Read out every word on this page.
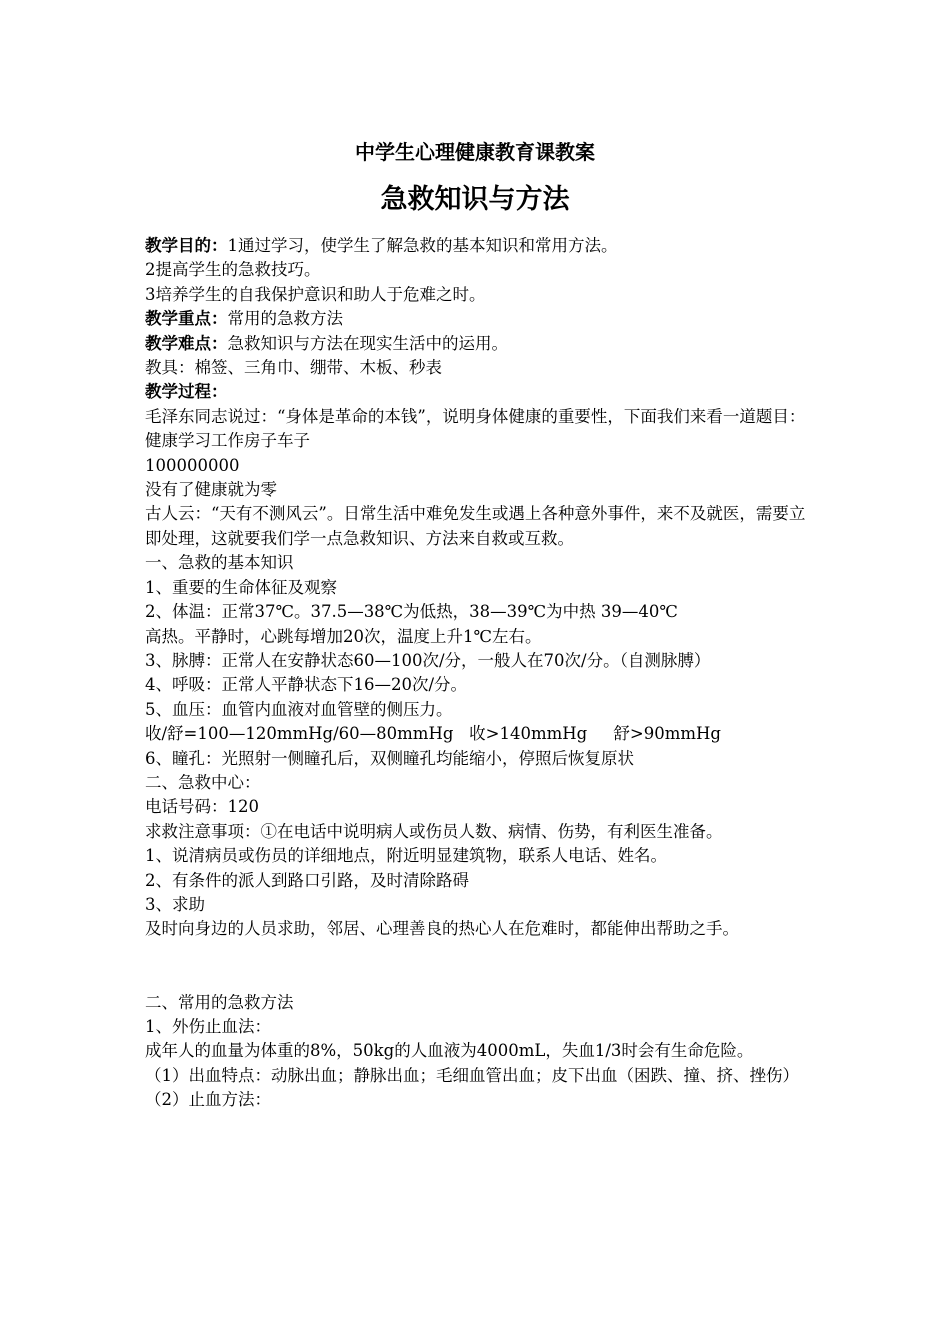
中学生心理健康教育课教案
急救知识与方法
教学目的：1通过学习，使学生了解急救的基本知识和常用方法。
2提高学生的急救技巧。
3培养学生的自我保护意识和助人于危难之时。
教学重点：常用的急救方法
教学难点：急救知识与方法在现实生活中的运用。
教具：棉签、三角巾、绷带、木板、秒表
教学过程：
毛泽东同志说过：“身体是革命的本钱”，说明身体健康的重要性，下面我们来看一道题目：
健康学习工作房子车子
100000000
没有了健康就为零
古人云：“天有不测风云”。日常生活中难免发生或遇上各种意外事件，来不及就医，需要立即处理，这就要我们学一点急救知识、方法来自救或互救。
一、急救的基本知识
1、重要的生命体征及观察
2、体温：正常37℃。37.5—38℃为低热，38—39℃为中热 39—40℃
高热。平静时，心跳每增加20次，温度上升1℃左右。
3、脉膊：正常人在安静状态60—100次/分，一般人在70次/分。（自测脉膊）
4、呼吸：正常人平静状态下16—20次/分。
5、血压：血管内血液对血管壁的侧压力。
收/舒=100—120mmHg/60—80mmHg   收>140mmHg     舒>90mmHg
6、瞳孔：光照射一侧瞳孔后，双侧瞳孔均能缩小，停照后恢复原状
二、急救中心：
电话号码：120
求救注意事项：①在电话中说明病人或伤员人数、病情、伤势，有利医生准备。
1、说清病员或伤员的详细地点，附近明显建筑物，联系人电话、姓名。
2、有条件的派人到路口引路，及时清除路碍
3、求助
及时向身边的人员求助，邻居、心理善良的热心人在危难时，都能伸出帮助之手。
二、常用的急救方法
1、外伤止血法：
成年人的血量为体重的8%，50kg的人血液为4000mL，失血1/3时会有生命危险。
（1）出血特点：动脉出血；静脉出血；毛细血管出血；皮下出血（困跌、撞、挤、挫伤）
（2）止血方法：
